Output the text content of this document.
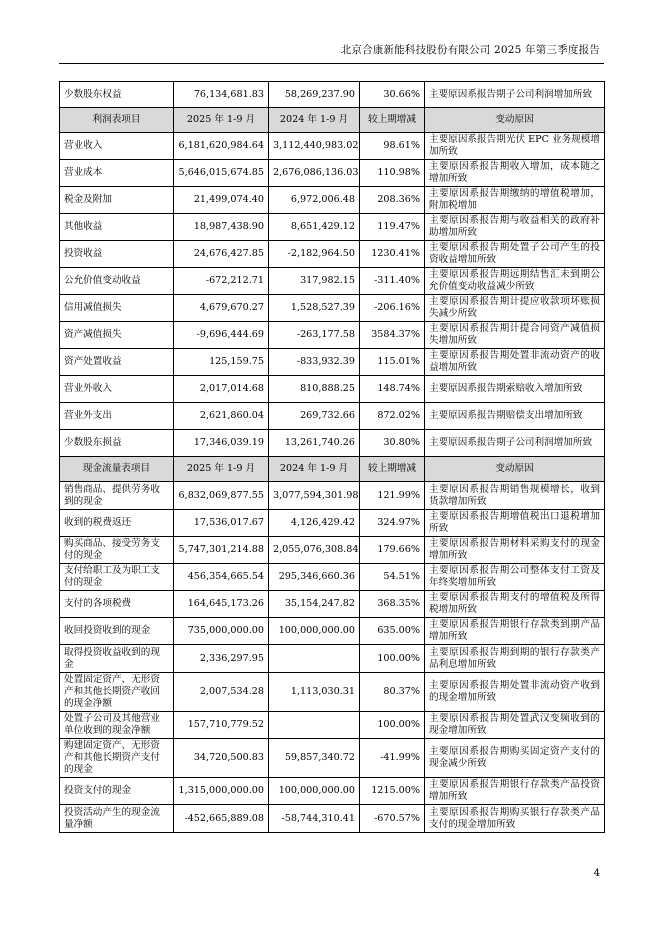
北京合康新能科技股份有限公司 2025 年第三季度报告
少数股东权益	76,134,681.83	58,269,237.90	30.66%	主要原因系报告期子公司利润增加所致
利润表项目	2025 年 1-9 月	2024 年 1-9 月	较上期增减	变动原因
营业收入	6,181,620,984.64	3,112,440,983.02	98.61%	主要原因系报告期光伏 EPC 业务规模增加所致
营业成本	5,646,015,674.85	2,676,086,136.03	110.98%	主要原因系报告期收入增加，成本随之增加所致
税金及附加	21,499,074.40	6,972,006.48	208.36%	主要原因系报告期缴纳的增值税增加，附加税增加
其他收益	18,987,438.90	8,651,429.12	119.47%	主要原因系报告期与收益相关的政府补助增加所致
投资收益	24,676,427.85	-2,182,964.50	1230.41%	主要原因系报告期处置子公司产生的投资收益增加所致
公允价值变动收益	-672,212.71	317,982.15	-311.40%	主要原因系报告期远期结售汇未到期公允价值变动收益减少所致
信用减值损失	4,679,670.27	1,528,527.39	-206.16%	主要原因系报告期计提应收款项坏账损失减少所致
资产减值损失	-9,696,444.69	-263,177.58	3584.37%	主要原因系报告期计提合同资产减值损失增加所致
资产处置收益	125,159.75	-833,932.39	115.01%	主要原因系报告期处置非流动资产的收益增加所致
营业外收入	2,017,014.68	810,888.25	148.74%	主要原因系报告期索赔收入增加所致
营业外支出	2,621,860.04	269,732.66	872.02%	主要原因系报告期赔偿支出增加所致
少数股东损益	17,346,039.19	13,261,740.26	30.80%	主要原因系报告期子公司利润增加所致
现金流量表项目	2025 年 1-9 月	2024 年 1-9 月	较上期增减	变动原因
销售商品、提供劳务收到的现金	6,832,069,877.55	3,077,594,301.98	121.99%	主要原因系报告期销售规模增长，收到货款增加所致
收到的税费返还	17,536,017.67	4,126,429.42	324.97%	主要原因系报告期增值税出口退税增加所致
购买商品、接受劳务支付的现金	5,747,301,214.88	2,055,076,308.84	179.66%	主要原因系报告期材料采购支付的现金增加所致
支付给职工及为职工支付的现金	456,354,665.54	295,346,660.36	54.51%	主要原因系报告期公司整体支付工资及年终奖增加所致
支付的各项税费	164,645,173.26	35,154,247.82	368.35%	主要原因系报告期支付的增值税及所得税增加所致
收回投资收到的现金	735,000,000.00	100,000,000.00	635.00%	主要原因系报告期银行存款类到期产品增加所致
取得投资收益收到的现金	2,336,297.95		100.00%	主要原因系报告期到期的银行存款类产品利息增加所致
处置固定资产、无形资产和其他长期资产收回的现金净额	2,007,534.28	1,113,030.31	80.37%	主要原因系报告期处置非流动资产收到的现金增加所致
处置子公司及其他营业单位收到的现金净额	157,710,779.52		100.00%	主要原因系报告期处置武汉变频收到的现金增加所致
购建固定资产、无形资产和其他长期资产支付的现金	34,720,500.83	59,857,340.72	-41.99%	主要原因系报告期购买固定资产支付的现金减少所致
投资支付的现金	1,315,000,000.00	100,000,000.00	1215.00%	主要原因系报告期银行存款类产品投资增加所致
投资活动产生的现金流量净额	-452,665,889.08	-58,744,310.41	-670.57%	主要原因系报告期购买银行存款类产品支付的现金增加所致
4
